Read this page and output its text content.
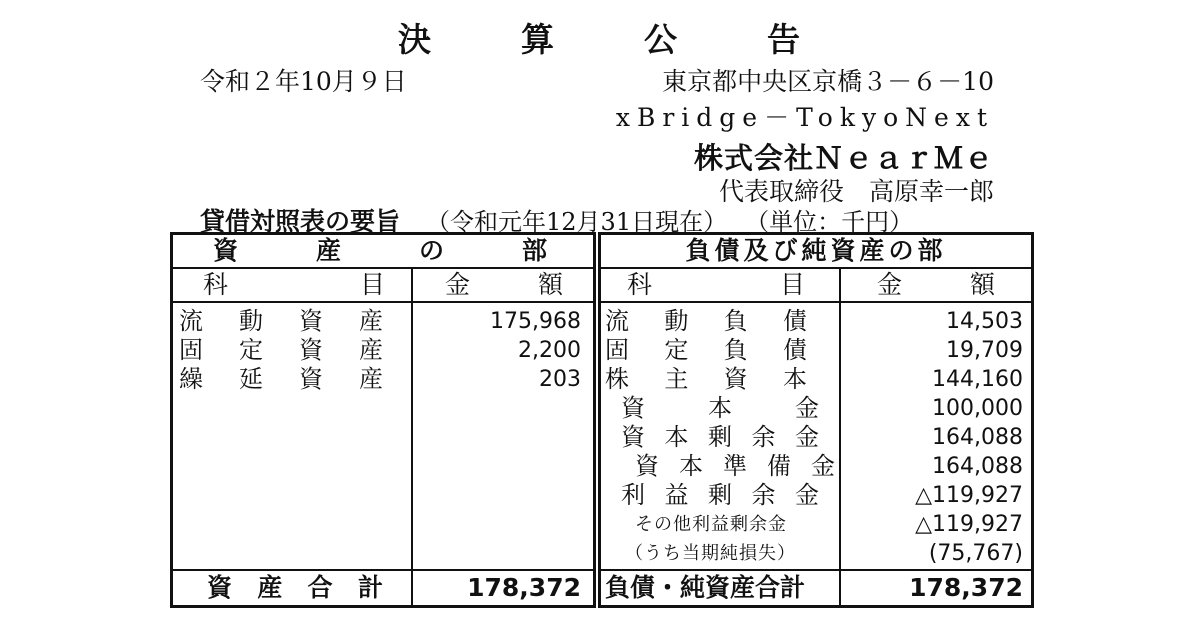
決	算	公	告
令和２年10月９日	東京都中央区京橋３－６－10
xBridge－TokyoNext
株式会社ＮｅａｒＭｅ
代表取締役　高原幸一郎
貸借対照表の要旨 （令和元年12月31日現在） （単位：千円）
資	産	の	部
科	目 金	額
流 動 資 産	175,968
固 定 資 産	2,200
繰 延 資 産	203
資 産 合 計	178,372
負債及び純資産の部
科	目	金	額
流 動 負 債	14,503
固 定 負 債	19,709
株 主 資 本	144,160
資	本	金	100,000
資 本 剰 余 金	164,088
資 本 準 備 金	164,088
利 益 剰 余 金	△119,927
その他利益剰余金	△119,927
（うち当期純損失）	(75,767)
負債・純資産合計	178,372
